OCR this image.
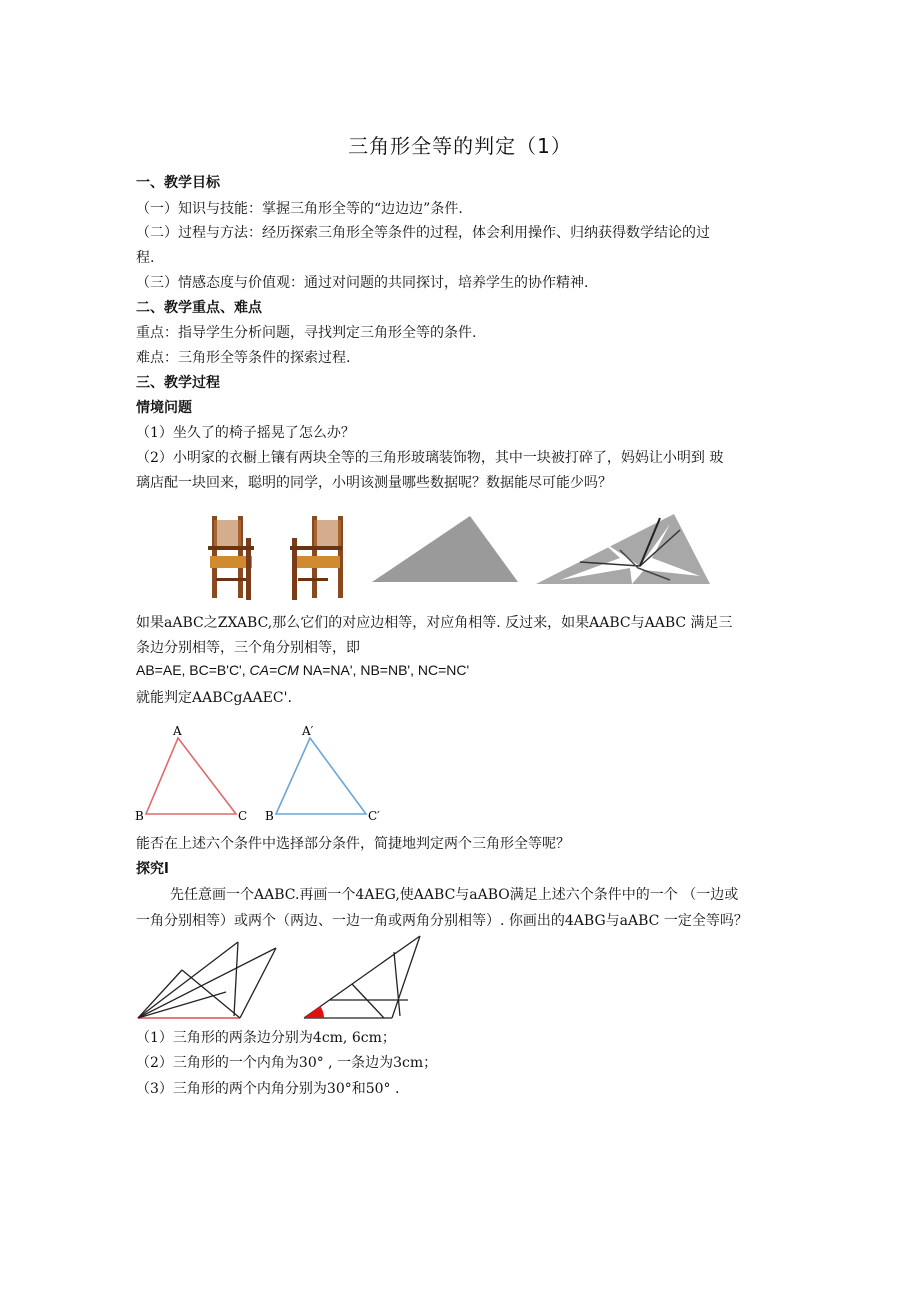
三角形全等的判定（1）
一、教学目标
（一）知识与技能：掌握三角形全等的“边边边”条件.
（二）过程与方法：经历探索三角形全等条件的过程，体会利用操作、归纳获得数学结论的过
程.
（三）情感态度与价值观：通过对问题的共同探讨，培养学生的协作精神.
二、教学重点、难点
重点：指导学生分析问题，寻找判定三角形全等的条件.
难点：三角形全等条件的探索过程.
三、教学过程
情境问题
（1）坐久了的椅子摇晃了怎么办？
（2）小明家的衣橱上镶有两块全等的三角形玻璃装饰物，其中一块被打碎了，妈妈让小明到 玻
璃店配一块回来，聪明的同学，小明该测量哪些数据呢？数据能尽可能少吗？
如果aABC之ZXABC,那么它们的对应边相等，对应角相等. 反过来，如果AABC与AABC 满足三
条边分别相等，三个角分别相等，即
AB=AE, BC=B'C', CA=CM NA=NA', NB=NB', NC=NC'
就能判定AABCgAAEC'.
A
B	C
A′
B	C′
能否在上述六个条件中选择部分条件，简捷地判定两个三角形全等呢？
探究l
先任意画一个AABC.再画一个4AEG,使AABC与aABO满足上述六个条件中的一个 （一边或
一角分别相等）或两个（两边、一边一角或两角分别相等）. 你画出的4ABG与aABC 一定全等吗？
（1）三角形的两条边分别为4cm, 6cm；
（2）三角形的一个内角为30° , 一条边为3cm；
（3）三角形的两个内角分别为30°和50° .
